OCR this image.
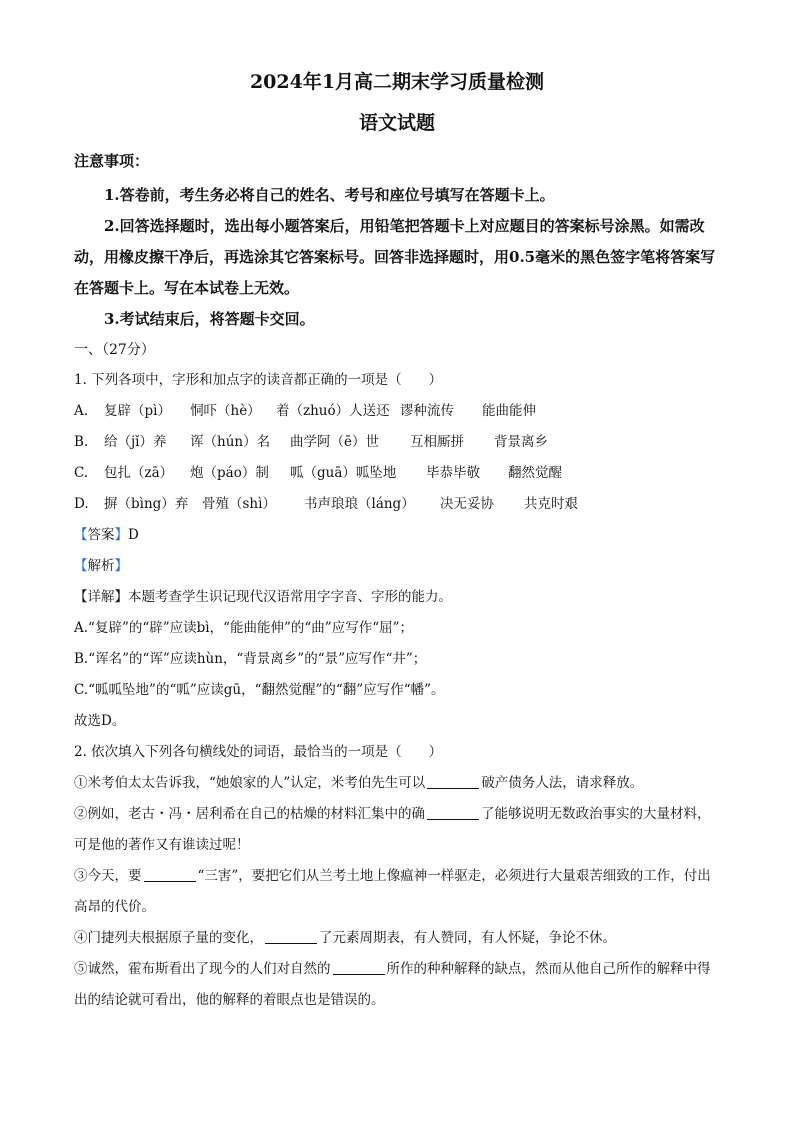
2024年1月高二期末学习质量检测
语文试题
注意事项：
1.答卷前，考生务必将自己的姓名、考号和座位号填写在答题卡上。
2.回答选择题时，选出每小题答案后，用铅笔把答题卡上对应题目的答案标号涂黑。如需改动，用橡皮擦干净后，再选涂其它答案标号。回答非选择题时，用0.5毫米的黑色签字笔将答案写在答题卡上。写在本试卷上无效。
3.考试结束后，将答题卡交回。
一、（27分）
1. 下列各项中，字形和加点字的读音都正确的一项是（　　）
A.	复辟（pì）	恫吓（hè）	着（zhuó）人送还 谬种流传	能曲能伸
B.	给（jǐ）养	诨（hún）名	曲学阿（ē）世	互相厮拼	背景离乡
C.	包扎（zā）	炮（páo）制	呱（guā）呱坠地	毕恭毕敬	翻然觉醒
D.	摒（bìng）弃	骨殖（shì）	书声琅琅（láng）	决无妥协	共克时艰
【答案】D
【解析】
【详解】本题考查学生识记现代汉语常用字字音、字形的能力。
A.“复辟”的“辟”应读bì，“能曲能伸”的“曲”应写作“屈”；
B.“诨名”的“诨”应读hùn，“背景离乡”的“景”应写作“井”；
C.“呱呱坠地”的“呱”应读gū，“翻然觉醒”的“翻”应写作“幡”。
故选D。
2. 依次填入下列各句横线处的词语，最恰当的一项是（　　）
①米考伯太太告诉我，“她娘家的人”认定，米考伯先生可以	破产债务人法，请求释放。
②例如，老古・冯・居利希在自己的枯燥的材料汇集中的确	了能够说明无数政治事实的大量材料，可是他的著作又有谁读过呢！
③今天，要	“三害”，要把它们从兰考土地上像瘟神一样驱走，必须进行大量艰苦细致的工作，付出高昂的代价。
④门捷列夫根据原子量的变化，	了元素周期表，有人赞同，有人怀疑，争论不休。
⑤诚然，霍布斯看出了现今的人们对自然的	所作的种种解释的缺点，然而从他自己所作的解释中得出的结论就可看出，他的解释的着眼点也是错误的。
